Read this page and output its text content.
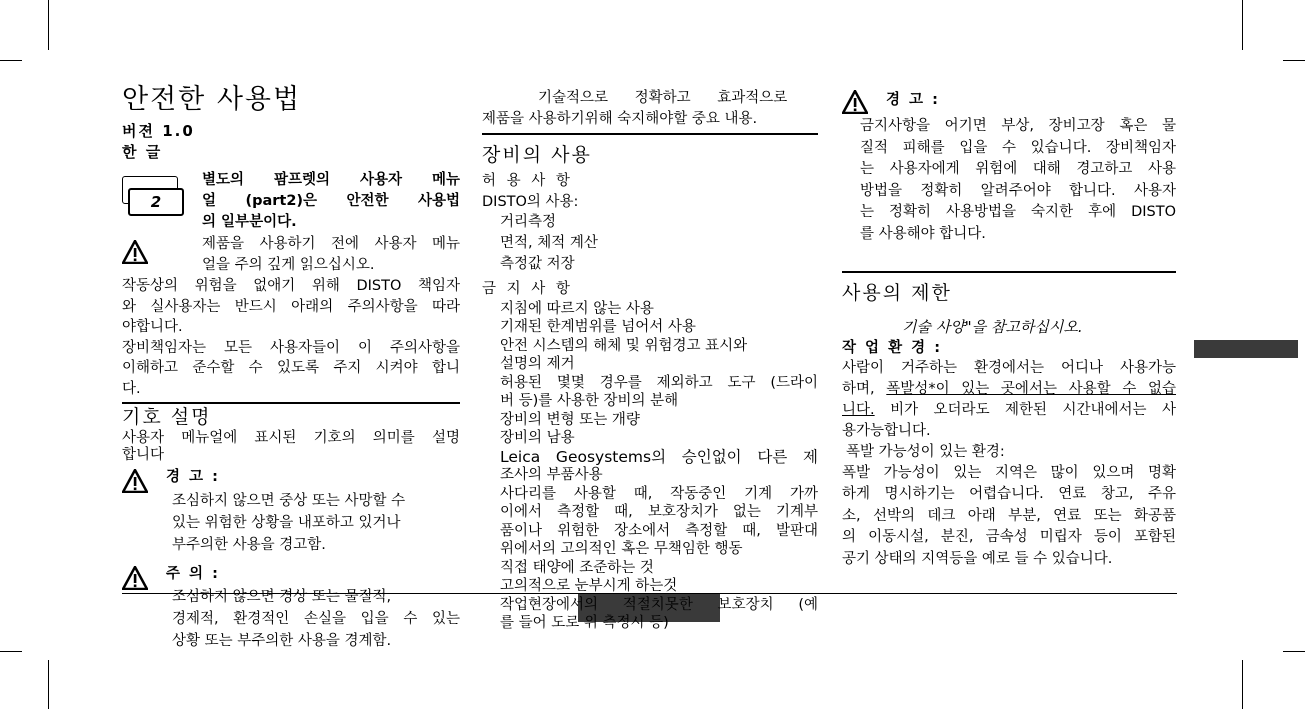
안전한 사용법

버젼 1.0

한 글

2

별도의 팜프렛의 사용자 메뉴

얼 (part2)은 안전한 사용법

의 일부분이다.

제품을 사용하기 전에 사용자 메뉴

얼을 주의 깊게 읽으십시오.

작동상의 위험을 없애기 위해 DISTO 책임자

와 실사용자는 반드시 아래의 주의사항을 따라

야합니다.

장비책임자는 모든 사용자들이 이 주의사항을

이해하고 준수할 수 있도록 주지 시켜야 합니

다.

기호 설명

사용자 메뉴얼에 표시된 기호의 의미를 설명

합니다

경 고 :

조심하지 않으면 중상 또는 사망할 수

있는 위험한 상황을 내포하고 있거나

부주의한 사용을 경고함.

주 의 :

조심하지 않으면 경상 또는 물질적,

경제적, 환경적인 손실을 입을 수 있는

상황 또는 부주의한 사용을 경계함.

기술적으로 정확하고 효과적으로

제품을 사용하기위해 숙지해야할 중요 내용.

장비의 사용

허 용 사 항

DISTO의 사용:

거리측정

면적, 체적 계산

측정값 저장

금 지 사 항

지침에 따르지 않는 사용

기재된 한계범위를 넘어서 사용

안전 시스템의 해체 및 위험경고 표시와

설명의 제거

허용된 몇몇 경우를 제외하고 도구 (드라이

버 등)를 사용한 장비의 분해

장비의 변형 또는 개량

장비의 남용

Leica Geosystems의 승인없이 다른 제

조사의 부품사용

사다리를 사용할 때, 작동중인 기계 가까

이에서 측정할 때, 보호장치가 없는 기계부

품이나 위험한 장소에서 측정할 때, 발판대

위에서의 고의적인 혹은 무책임한 행동

직접 태양에 조준하는 것

고의적으로 눈부시게 하는것

작업현장에서의 적절치못한 보호장치 (예

를 들어 도로 위 측정시 등)

경 고 :

금지사항을 어기면 부상, 장비고장 혹은 물

질적 피해를 입을 수 있습니다. 장비책임자

는 사용자에게 위험에 대해 경고하고 사용

방법을 정확히 알려주어야 합니다. 사용자

는 정확히 사용방법을 숙지한 후에 DISTO

를 사용해야 합니다.

사용의 제한

기술 사양"을 참고하십시오.

작 업 환 경 :

사람이 거주하는 환경에서는 어디나 사용가능

하며, 폭발성*이 있는 곳에서는 사용할 수 없습

니다. 비가 오더라도 제한된 시간내에서는 사

용가능합니다.

폭발 가능성이 있는 환경:

폭발 가능성이 있는 지역은 많이 있으며 명확

하게 명시하기는 어렵습니다. 연료 창고, 주유

소, 선박의 데크 아래 부분, 연료 또는 화공품

의 이동시설, 분진, 금속성 미립자 등이 포함된

공기 상태의 지역등을 예로 들 수 있습니다.
